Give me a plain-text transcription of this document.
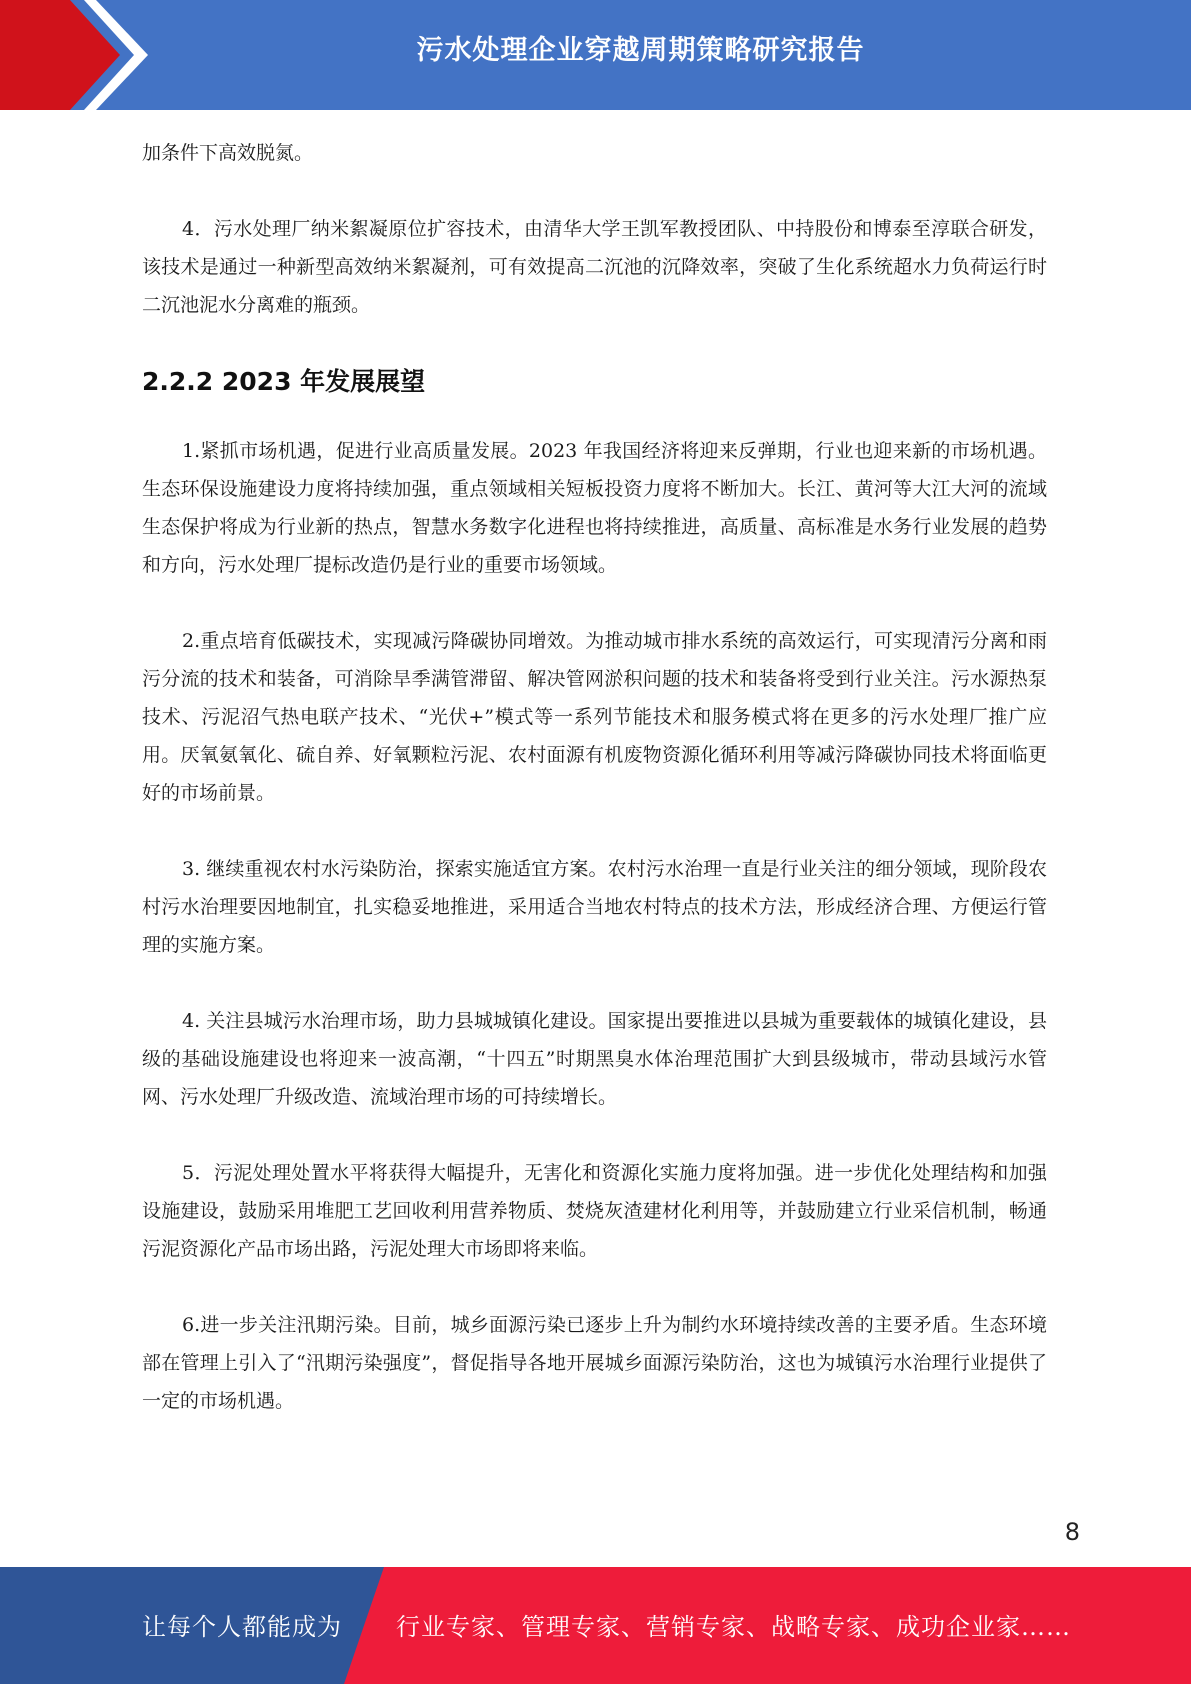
污水处理企业穿越周期策略研究报告

加条件下高效脱氮。

4．污水处理厂纳米絮凝原位扩容技术，由清华大学王凯军教授团队、中持股份和博泰至淳联合研发，该技术是通过一种新型高效纳米絮凝剂，可有效提高二沉池的沉降效率，突破了生化系统超水力负荷运行时二沉池泥水分离难的瓶颈。

2.2.2 2023 年发展展望

1.紧抓市场机遇，促进行业高质量发展。2023 年我国经济将迎来反弹期，行业也迎来新的市场机遇。生态环保设施建设力度将持续加强，重点领域相关短板投资力度将不断加大。长江、黄河等大江大河的流域生态保护将成为行业新的热点，智慧水务数字化进程也将持续推进，高质量、高标准是水务行业发展的趋势和方向，污水处理厂提标改造仍是行业的重要市场领域。

2.重点培育低碳技术，实现减污降碳协同增效。为推动城市排水系统的高效运行，可实现清污分离和雨污分流的技术和装备，可消除旱季满管滞留、解决管网淤积问题的技术和装备将受到行业关注。污水源热泵技术、污泥沼气热电联产技术、“光伏+”模式等一系列节能技术和服务模式将在更多的污水处理厂推广应用。厌氧氨氧化、硫自养、好氧颗粒污泥、农村面源有机废物资源化循环利用等减污降碳协同技术将面临更好的市场前景。

3. 继续重视农村水污染防治，探索实施适宜方案。农村污水治理一直是行业关注的细分领域，现阶段农村污水治理要因地制宜，扎实稳妥地推进，采用适合当地农村特点的技术方法，形成经济合理、方便运行管理的实施方案。

4. 关注县城污水治理市场，助力县城城镇化建设。国家提出要推进以县城为重要载体的城镇化建设，县级的基础设施建设也将迎来一波高潮，“十四五”时期黑臭水体治理范围扩大到县级城市，带动县域污水管网、污水处理厂升级改造、流域治理市场的可持续增长。

5．污泥处理处置水平将获得大幅提升，无害化和资源化实施力度将加强。进一步优化处理结构和加强设施建设，鼓励采用堆肥工艺回收利用营养物质、焚烧灰渣建材化利用等，并鼓励建立行业采信机制，畅通污泥资源化产品市场出路，污泥处理大市场即将来临。

6.进一步关注汛期污染。目前，城乡面源污染已逐步上升为制约水环境持续改善的主要矛盾。生态环境部在管理上引入了“汛期污染强度”，督促指导各地开展城乡面源污染防治，这也为城镇污水治理行业提供了一定的市场机遇。

8
让每个人都能成为 行业专家、管理专家、营销专家、战略专家、成功企业家……
